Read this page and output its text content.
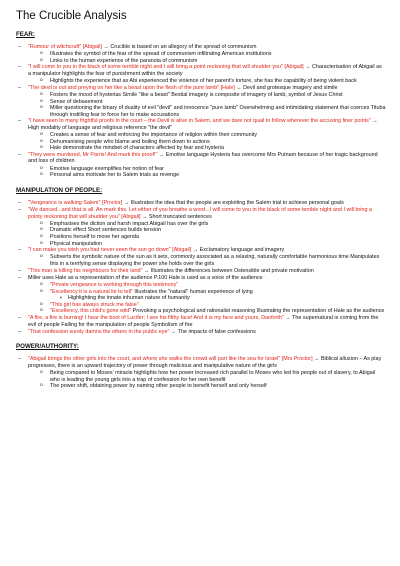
The Crucible Analysis
FEAR:
–	"Rumour of witchcraft" [Abigail] → Crucible is based on an allegory of the spread of communism
o	Illustrates the symbol of the fear of the spread of communism infiltrating American institutions
o	Links to the human experience of the paranoia of communism
–	"I will come to you in the black of some terrible night and I will bring a point reckoning that will shudder you" [Abigail] → Characterisation of Abigail as a manipulator highlights the fear of punishment within the society
o	Highlights the experience that as Abi experienced the violence of her parent's torture, she has the capability of being violent back
–	"The devil is out and preying on her like a beast upon the flesh of the pure lamb" [Hale] → Devil and grotesque imagery and simile
o	Fosters the mood of hysterias Simile "like a beast" Bestial imagery is composite of imagery of lamb, symbol of Jesus Christ
o	Sense of debasement
o	Miller questioning the binary of duality of evil "devil" and innocence "pure lamb" Overwhelming and intimidating statement that coerces Tituba through instilling fear to force her to make accusations
–	"I have seen to many frightful proofs in the court – the Devil is alive in Salem, and we dare not quail to follow wherever the accusing finer points" → High modality of language and religious reference "the devil"
o	Creates a sense of fear and enforcing the importance of religion within their community
o	Dehumanising people who blame and boiling them down to actions
o	Hale demonstrate the mindset of characters affected by fear and hysteria
–	"They were murdered, Mr Parris! And mark this proof!" → Emotive language Hysteria has overcome Mrs Putnam because of her tragic background and loss of children
o	Emotive language exemplifies her notion of fear
o	Personal aims motivate her to Salem trials as revenge
MANIPULATION OF PEOPLE:
–	"Vengeance is walking Salem" [Proctor] → Illustrates the idea that the people are exploiting the Salem trial to achieve personal goals
–	"We danced...and that is all. An mark this. Let either of you breathe a word...I will come to you in the black of some terrible night and I will bring a pointy reckoning that will shudder you" [Abigail] → Short truncated sentences
o	Emphasises the diction and harsh impact Abigail has over the girls
o	Dramatic effect Short sentences builds tension
o	Positions herself to move her agenda
o	Physical manipulation
–	"I can make you wish you had never seen the sun go down" [Abigail] → Exclamatory language and imagery
o	Subverts the symbolic nature of the sun as it sets, commonly associated as a relaxing, naturally comfortable harmonious time Manipulates this in a terrifying sense displaying the power she holds over the girls
–	"This man is killing his neighbours for their land" → Illustrates the differences between Ostensible and private motivation
–	Miller uses Hale as a representation of the audience P.100 Hale is used as a voice of the audience
o	"Private vengeance is working through this testimony"
o	"Excellency it is a natural lie to tell" Illustrates the "natural" human experience of lying
▪	Highlighting the innate inhuman nature of humanity
o	"This girl has always struck me false"
o	"Excellency, this child's gone wild" Provoking a psychological and rationalist reasoning Illustrating the representation of Hale as the audience
–	"A fire, a fire is burning! I hear the boot of Lucifer; I see his filthy face! And it is my face and yours, Danforth" → The supernatural is coming from the evil of people Falling for the manipulation of people Symbolism of fire
–	"That confession surely damns the others in the public eye" → The impacts of false confessions
POWER/AUTHORITY:
–	"Abigail brings the other girls into the court, and where she walks the crowd will part like the sea for Israel" [Mrs Proctor] → Biblical allusion – As play progresses, there is an upward trajectory of power through malicious and manipulative nature of the girls
o	Being compared to Moses' miracle highlights how her power increased rich parallel to Moses who led his people out of slavery, to Abigail who is leading the young girls into a trap of confession for her own benefit
o	The power shift, obtaining power by naming other people to benefit herself and only herself
